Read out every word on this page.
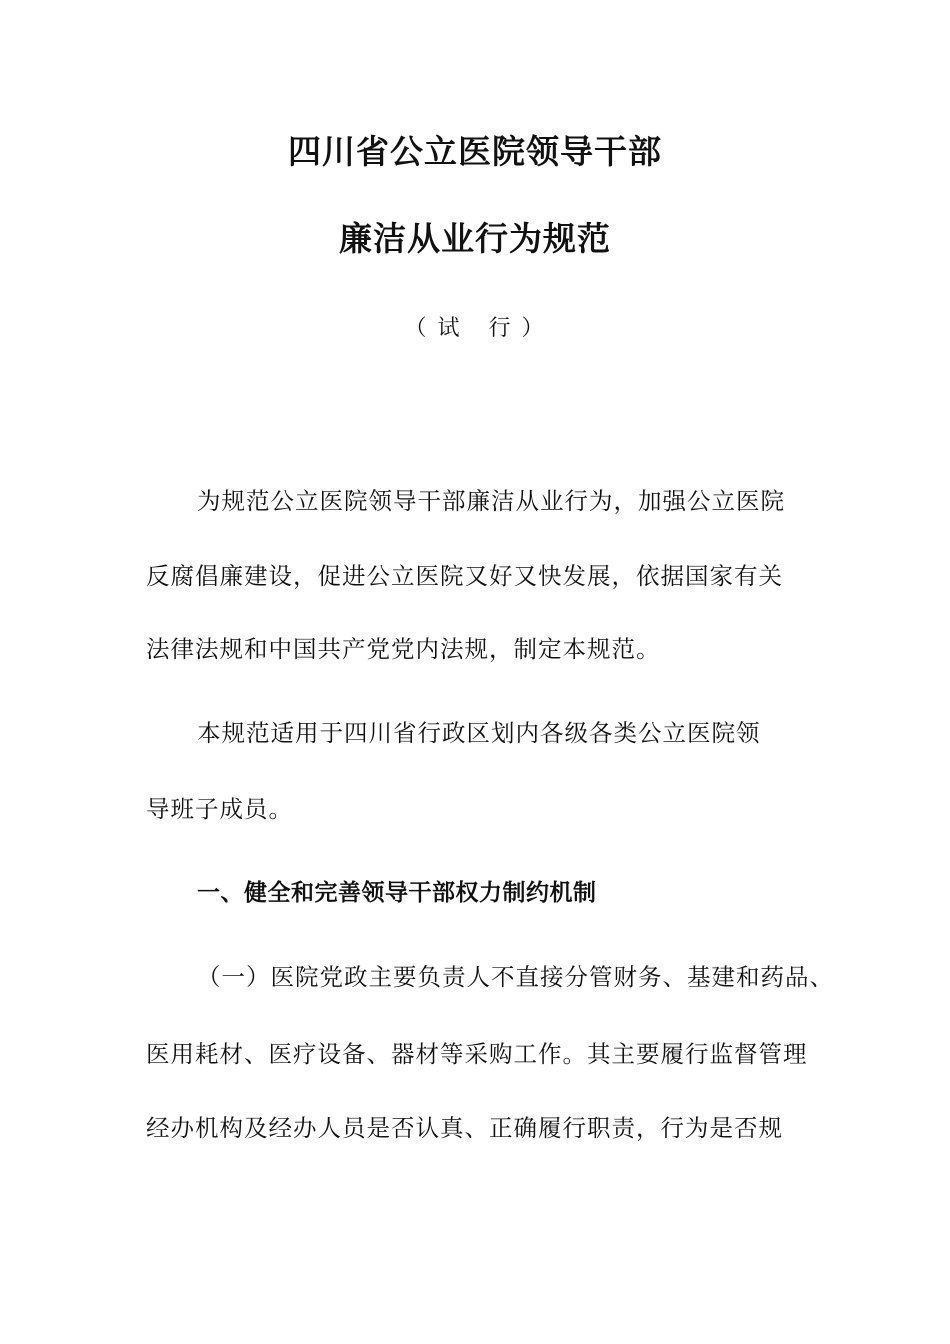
四川省公立医院领导干部
廉洁从业行为规范
（ 试   行 ）
为规范公立医院领导干部廉洁从业行为，加强公立医院
反腐倡廉建设，促进公立医院又好又快发展，依据国家有关
法律法规和中国共产党党内法规，制定本规范。
本规范适用于四川省行政区划内各级各类公立医院领
导班子成员。
一、健全和完善领导干部权力制约机制
（一）医院党政主要负责人不直接分管财务、基建和药品、
医用耗材、医疗设备、器材等采购工作。其主要履行监督管理
经办机构及经办人员是否认真、正确履行职责，行为是否规
